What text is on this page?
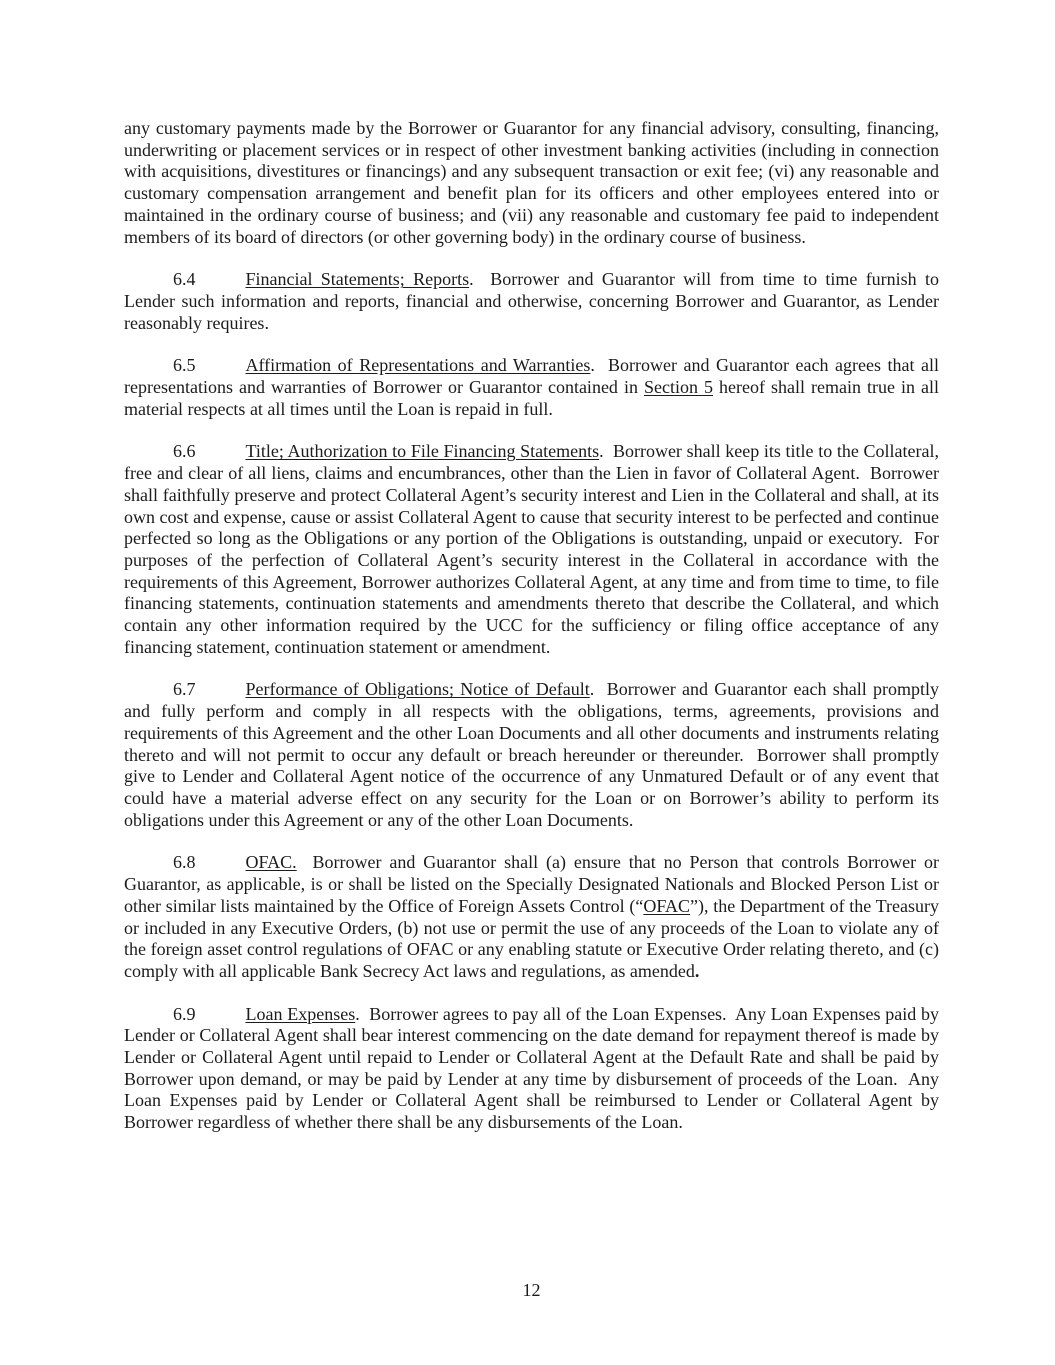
any customary payments made by the Borrower or Guarantor for any financial advisory, consulting, financing, underwriting or placement services or in respect of other investment banking activities (including in connection with acquisitions, divestitures or financings) and any subsequent transaction or exit fee; (vi) any reasonable and customary compensation arrangement and benefit plan for its officers and other employees entered into or maintained in the ordinary course of business; and (vii) any reasonable and customary fee paid to independent members of its board of directors (or other governing body) in the ordinary course of business.

6.4	Financial Statements; Reports.  Borrower and Guarantor will from time to time furnish to Lender such information and reports, financial and otherwise, concerning Borrower and Guarantor, as Lender reasonably requires.

6.5	Affirmation of Representations and Warranties.  Borrower and Guarantor each agrees that all representations and warranties of Borrower or Guarantor contained in Section 5 hereof shall remain true in all material respects at all times until the Loan is repaid in full.

6.6	Title; Authorization to File Financing Statements.  Borrower shall keep its title to the Collateral, free and clear of all liens, claims and encumbrances, other than the Lien in favor of Collateral Agent.  Borrower shall faithfully preserve and protect Collateral Agent’s security interest and Lien in the Collateral and shall, at its own cost and expense, cause or assist Collateral Agent to cause that security interest to be perfected and continue perfected so long as the Obligations or any portion of the Obligations is outstanding, unpaid or executory.  For purposes of the perfection of Collateral Agent’s security interest in the Collateral in accordance with the requirements of this Agreement, Borrower authorizes Collateral Agent, at any time and from time to time, to file financing statements, continuation statements and amendments thereto that describe the Collateral, and which contain any other information required by the UCC for the sufficiency or filing office acceptance of any financing statement, continuation statement or amendment.

6.7	Performance of Obligations; Notice of Default.  Borrower and Guarantor each shall promptly and fully perform and comply in all respects with the obligations, terms, agreements, provisions and requirements of this Agreement and the other Loan Documents and all other documents and instruments relating thereto and will not permit to occur any default or breach hereunder or thereunder.  Borrower shall promptly give to Lender and Collateral Agent notice of the occurrence of any Unmatured Default or of any event that could have a material adverse effect on any security for the Loan or on Borrower’s ability to perform its obligations under this Agreement or any of the other Loan Documents.

6.8	OFAC.  Borrower and Guarantor shall (a) ensure that no Person that controls Borrower or Guarantor, as applicable, is or shall be listed on the Specially Designated Nationals and Blocked Person List or other similar lists maintained by the Office of Foreign Assets Control (“OFAC”), the Department of the Treasury or included in any Executive Orders, (b) not use or permit the use of any proceeds of the Loan to violate any of the foreign asset control regulations of OFAC or any enabling statute or Executive Order relating thereto, and (c) comply with all applicable Bank Secrecy Act laws and regulations, as amended.

6.9	Loan Expenses.  Borrower agrees to pay all of the Loan Expenses.  Any Loan Expenses paid by Lender or Collateral Agent shall bear interest commencing on the date demand for repayment thereof is made by Lender or Collateral Agent until repaid to Lender or Collateral Agent at the Default Rate and shall be paid by Borrower upon demand, or may be paid by Lender at any time by disbursement of proceeds of the Loan.  Any Loan Expenses paid by Lender or Collateral Agent shall be reimbursed to Lender or Collateral Agent by Borrower regardless of whether there shall be any disbursements of the Loan.

12
